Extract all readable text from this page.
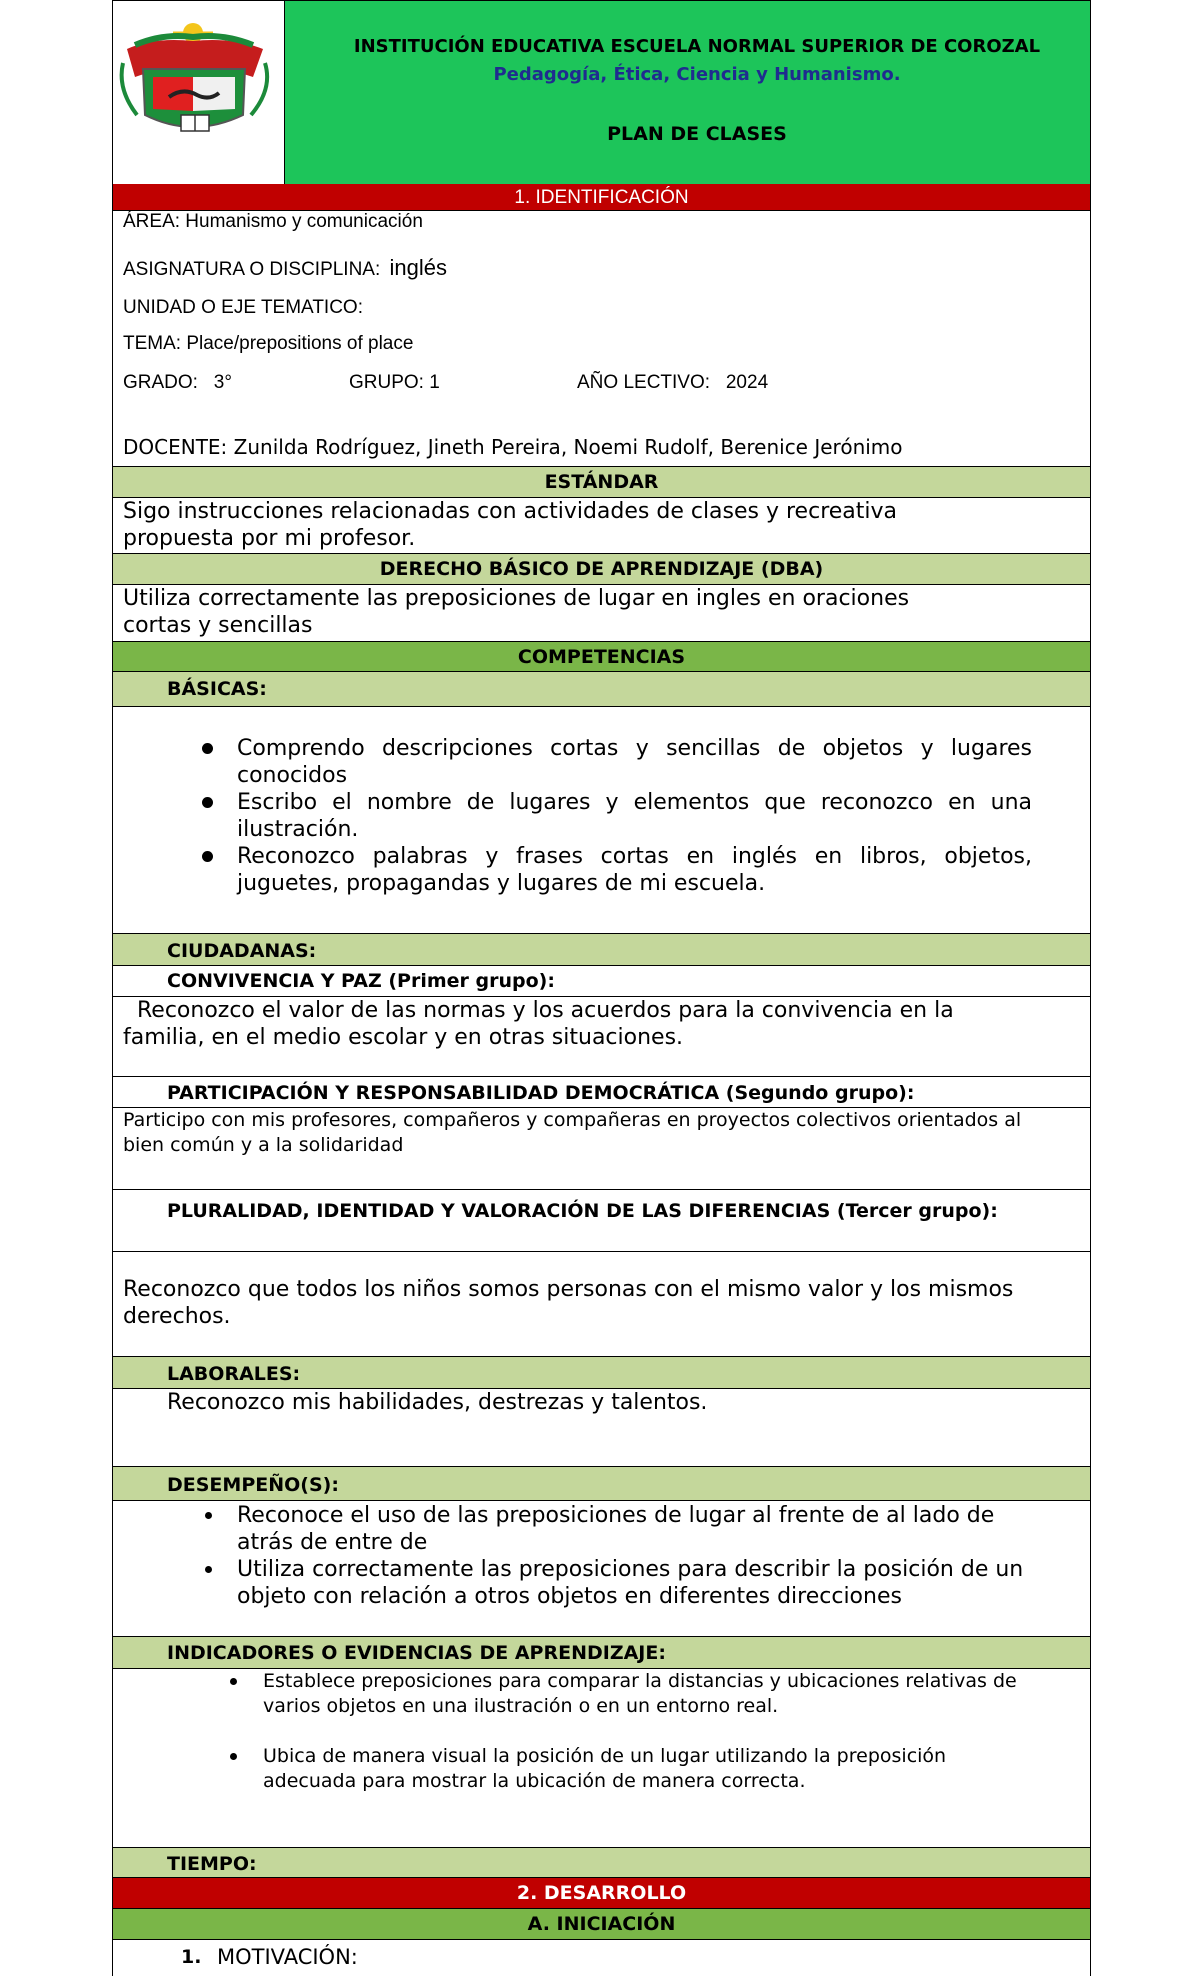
INSTITUCIÓN EDUCATIVA ESCUELA NORMAL SUPERIOR DE COROZAL
Pedagogía, Ética, Ciencia y Humanismo.
PLAN DE CLASES
1. IDENTIFICACIÓN
ÁREA: Humanismo y comunicación
ASIGNATURA O DISCIPLINA: inglés
UNIDAD O EJE TEMATICO:
TEMA: Place/prepositions of place
GRADO:   3°	GRUPO: 1	AÑO LECTIVO:   2024
DOCENTE: Zunilda Rodríguez, Jineth Pereira, Noemi Rudolf, Berenice Jerónimo
ESTÁNDAR
Sigo instrucciones relacionadas con actividades de clases y recreativa propuesta por mi profesor.
DERECHO BÁSICO DE APRENDIZAJE (DBA)
Utiliza correctamente las preposiciones de lugar en ingles en oraciones cortas y sencillas
COMPETENCIAS
BÁSICAS:
Comprendo descripciones cortas y sencillas de objetos y lugares conocidos
Escribo el nombre de lugares y elementos que reconozco en una ilustración.
Reconozco palabras y frases cortas en inglés en libros, objetos, juguetes, propagandas y lugares de mi escuela.
CIUDADANAS:
CONVIVENCIA Y PAZ (Primer grupo):
Reconozco el valor de las normas y los acuerdos para la convivencia en la familia, en el medio escolar y en otras situaciones.
PARTICIPACIÓN Y RESPONSABILIDAD DEMOCRÁTICA (Segundo grupo):
Participo con mis profesores, compañeros y compañeras en proyectos colectivos orientados al bien común y a la solidaridad
PLURALIDAD, IDENTIDAD Y VALORACIÓN DE LAS DIFERENCIAS (Tercer grupo):
Reconozco que todos los niños somos personas con el mismo valor y los mismos derechos.
LABORALES:
Reconozco mis habilidades, destrezas y talentos.
DESEMPEÑO(S):
Reconoce el uso de las preposiciones de lugar al frente de al lado de atrás de entre de
Utiliza correctamente las preposiciones para describir la posición de un objeto con relación a otros objetos en diferentes direcciones
INDICADORES O EVIDENCIAS DE APRENDIZAJE:
Establece preposiciones para comparar la distancias y ubicaciones relativas de varios objetos en una ilustración o en un entorno real.
Ubica de manera visual la posición de un lugar utilizando la preposición adecuada para mostrar la ubicación de manera correcta.
TIEMPO:
2. DESARROLLO
A. INICIACIÓN
1. MOTIVACIÓN:
